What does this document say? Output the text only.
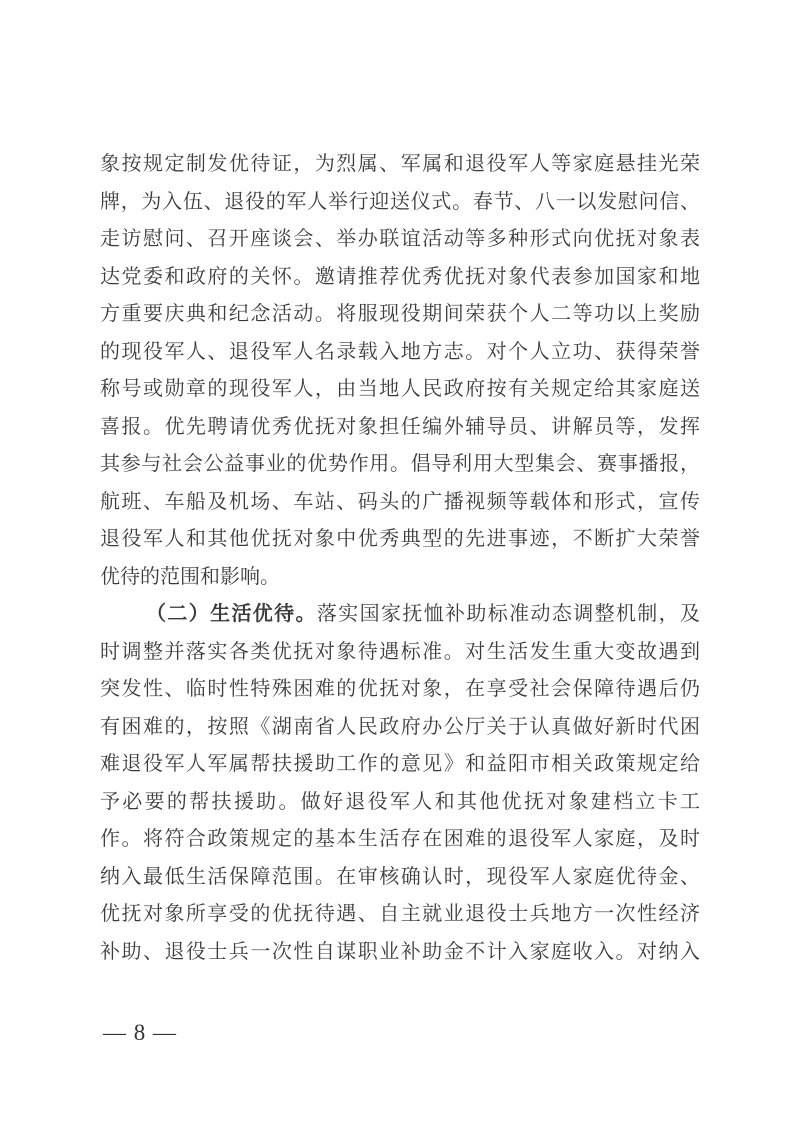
象按规定制发优待证，为烈属、军属和退役军人等家庭悬挂光荣
牌，为入伍、退役的军人举行迎送仪式。春节、八一以发慰问信、
走访慰问、召开座谈会、举办联谊活动等多种形式向优抚对象表
达党委和政府的关怀。邀请推荐优秀优抚对象代表参加国家和地
方重要庆典和纪念活动。将服现役期间荣获个人二等功以上奖励
的现役军人、退役军人名录载入地方志。对个人立功、获得荣誉
称号或勋章的现役军人，由当地人民政府按有关规定给其家庭送
喜报。优先聘请优秀优抚对象担任编外辅导员、讲解员等，发挥
其参与社会公益事业的优势作用。倡导利用大型集会、赛事播报，
航班、车船及机场、车站、码头的广播视频等载体和形式，宣传
退役军人和其他优抚对象中优秀典型的先进事迹，不断扩大荣誉
优待的范围和影响。
（二）生活优待。落实国家抚恤补助标准动态调整机制，及
时调整并落实各类优抚对象待遇标准。对生活发生重大变故遇到
突发性、临时性特殊困难的优抚对象，在享受社会保障待遇后仍
有困难的，按照《湖南省人民政府办公厅关于认真做好新时代困
难退役军人军属帮扶援助工作的意见》和益阳市相关政策规定给
予必要的帮扶援助。做好退役军人和其他优抚对象建档立卡工
作。将符合政策规定的基本生活存在困难的退役军人家庭，及时
纳入最低生活保障范围。在审核确认时，现役军人家庭优待金、
优抚对象所享受的优抚待遇、自主就业退役士兵地方一次性经济
补助、退役士兵一次性自谋职业补助金不计入家庭收入。对纳入
— 8 —
